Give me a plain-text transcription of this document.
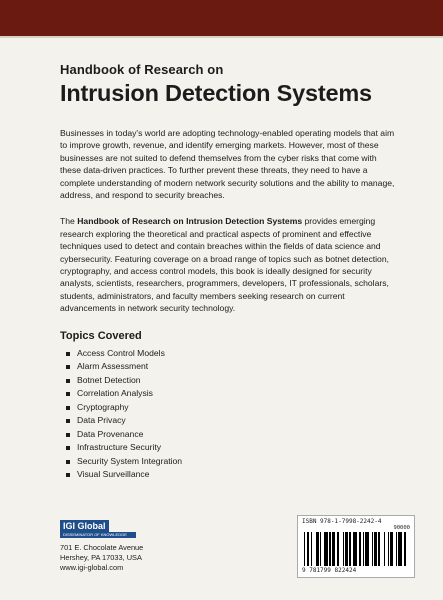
Handbook of Research on

Intrusion Detection Systems

Businesses in today's world are adopting technology-enabled operating models that aim to improve growth, revenue, and identify emerging markets. However, most of these businesses are not suited to defend themselves from the cyber risks that come with these data-driven practices. To further prevent these threats, they need to have a complete understanding of modern network security solutions and the ability to manage, address, and respond to security breaches.

The Handbook of Research on Intrusion Detection Systems provides emerging research exploring the theoretical and practical aspects of prominent and effective techniques used to detect and contain breaches within the fields of data science and cybersecurity. Featuring coverage on a broad range of topics such as botnet detection, cryptography, and access control models, this book is ideally designed for security analysts, scientists, researchers, programmers, developers, IT professionals, scholars, students, administrators, and faculty members seeking research on current advancements in network security technology.

Topics Covered

Access Control Models
Alarm Assessment
Botnet Detection
Correlation Analysis
Cryptography
Data Privacy
Data Provenance
Infrastructure Security
Security System Integration
Visual Surveillance
IGI Global
DISSEMINATOR OF KNOWLEDGE
701 E. Chocolate Avenue
Hershey, PA 17033, USA
www.igi-global.com
ISBN 978-1-7998-2242-4
90000
9 781799 822424
